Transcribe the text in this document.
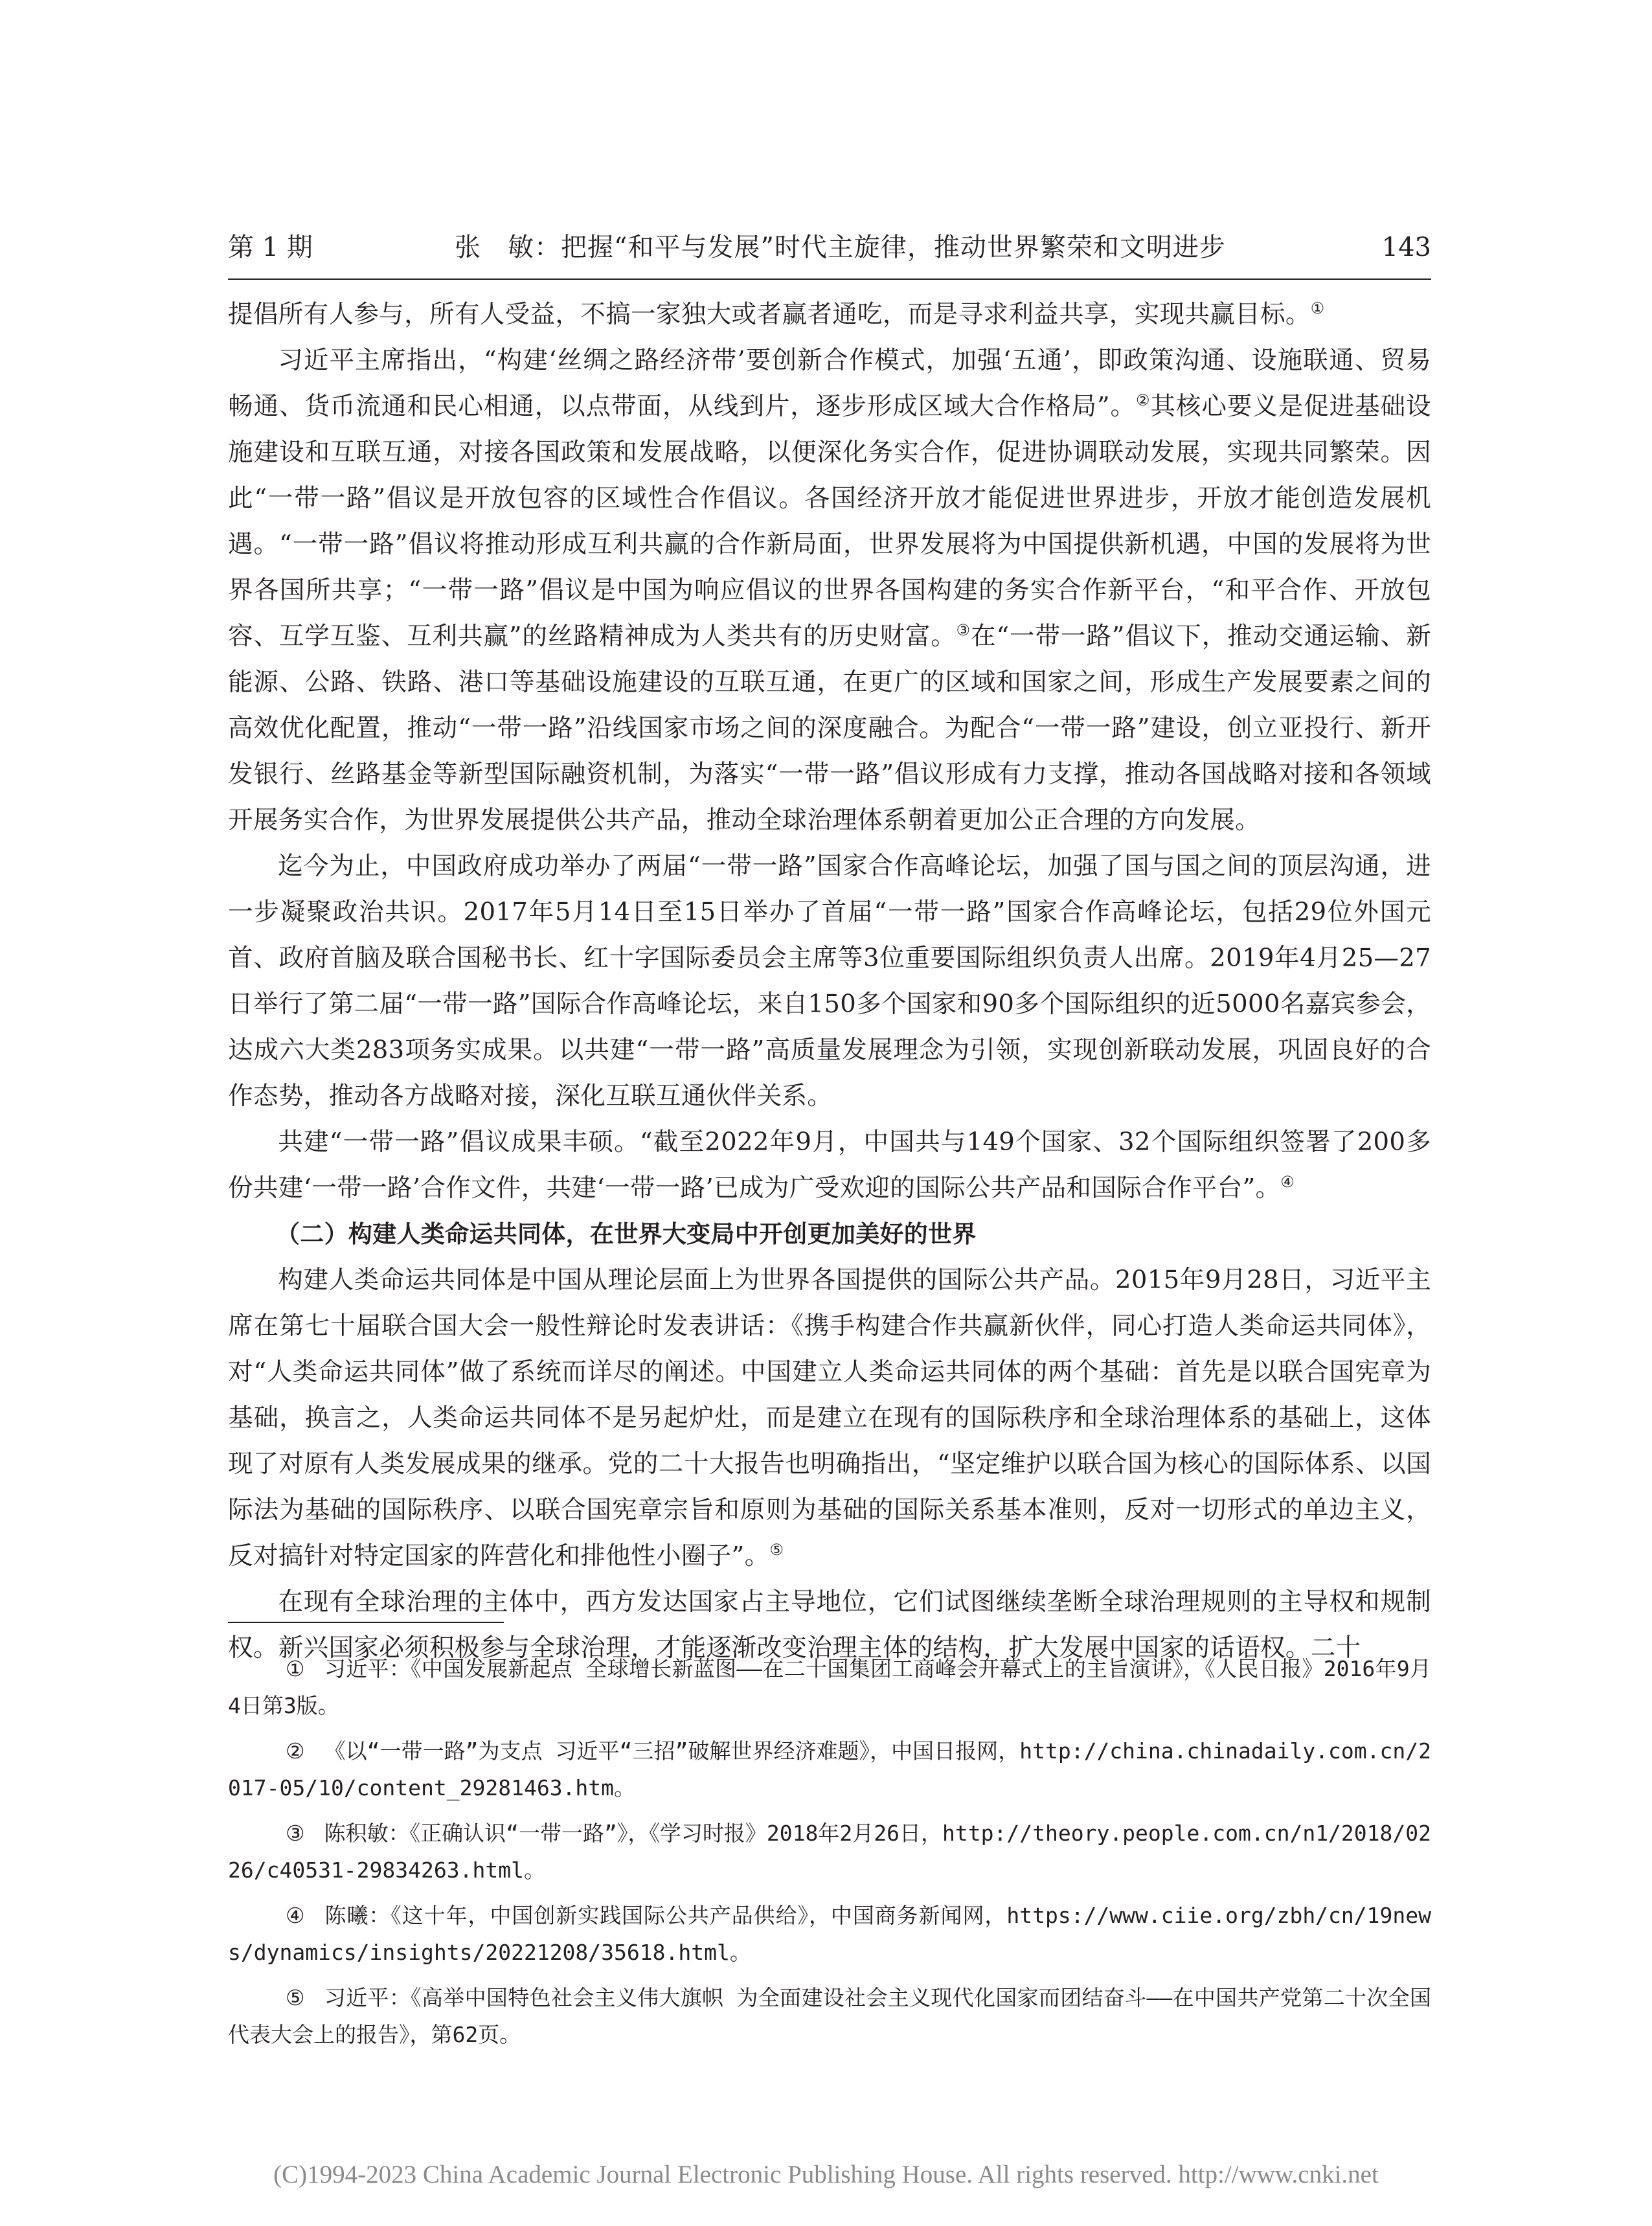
第 1 期	张　敏：把握“和平与发展”时代主旋律，推动世界繁荣和文明进步	143

提倡所有人参与，所有人受益，不搞一家独大或者赢者通吃，而是寻求利益共享，实现共赢目标。①

习近平主席指出，“构建‘丝绸之路经济带’要创新合作模式，加强‘五通’，即政策沟通、设施联通、贸易畅通、货币流通和民心相通，以点带面，从线到片，逐步形成区域大合作格局”。②其核心要义是促进基础设施建设和互联互通，对接各国政策和发展战略，以便深化务实合作，促进协调联动发展，实现共同繁荣。因此“一带一路”倡议是开放包容的区域性合作倡议。各国经济开放才能促进世界进步，开放才能创造发展机遇。“一带一路”倡议将推动形成互利共赢的合作新局面，世界发展将为中国提供新机遇，中国的发展将为世界各国所共享；“一带一路”倡议是中国为响应倡议的世界各国构建的务实合作新平台，“和平合作、开放包容、互学互鉴、互利共赢”的丝路精神成为人类共有的历史财富。③在“一带一路”倡议下，推动交通运输、新能源、公路、铁路、港口等基础设施建设的互联互通，在更广的区域和国家之间，形成生产发展要素之间的高效优化配置，推动“一带一路”沿线国家市场之间的深度融合。为配合“一带一路”建设，创立亚投行、新开发银行、丝路基金等新型国际融资机制，为落实“一带一路”倡议形成有力支撑，推动各国战略对接和各领域开展务实合作，为世界发展提供公共产品，推动全球治理体系朝着更加公正合理的方向发展。

迄今为止，中国政府成功举办了两届“一带一路”国家合作高峰论坛，加强了国与国之间的顶层沟通，进一步凝聚政治共识。2017年5月14日至15日举办了首届“一带一路”国家合作高峰论坛，包括29位外国元首、政府首脑及联合国秘书长、红十字国际委员会主席等3位重要国际组织负责人出席。2019年4月25—27日举行了第二届“一带一路”国际合作高峰论坛，来自150多个国家和90多个国际组织的近5000名嘉宾参会，达成六大类283项务实成果。以共建“一带一路”高质量发展理念为引领，实现创新联动发展，巩固良好的合作态势，推动各方战略对接，深化互联互通伙伴关系。

共建“一带一路”倡议成果丰硕。“截至2022年9月，中国共与149个国家、32个国际组织签署了200多份共建‘一带一路’合作文件，共建‘一带一路’已成为广受欢迎的国际公共产品和国际合作平台”。④

（二）构建人类命运共同体，在世界大变局中开创更加美好的世界

构建人类命运共同体是中国从理论层面上为世界各国提供的国际公共产品。2015年9月28日，习近平主席在第七十届联合国大会一般性辩论时发表讲话：《携手构建合作共赢新伙伴，同心打造人类命运共同体》，对“人类命运共同体”做了系统而详尽的阐述。中国建立人类命运共同体的两个基础：首先是以联合国宪章为基础，换言之，人类命运共同体不是另起炉灶，而是建立在现有的国际秩序和全球治理体系的基础上，这体现了对原有人类发展成果的继承。党的二十大报告也明确指出，“坚定维护以联合国为核心的国际体系、以国际法为基础的国际秩序、以联合国宪章宗旨和原则为基础的国际关系基本准则，反对一切形式的单边主义，反对搞针对特定国家的阵营化和排他性小圈子”。⑤

在现有全球治理的主体中，西方发达国家占主导地位，它们试图继续垄断全球治理规则的主导权和规制权。新兴国家必须积极参与全球治理，才能逐渐改变治理主体的结构，扩大发展中国家的话语权。二十

① 习近平：《中国发展新起点 全球增长新蓝图——在二十国集团工商峰会开幕式上的主旨演讲》，《人民日报》2016年9月4日第3版。

② 《以“一带一路”为支点 习近平“三招”破解世界经济难题》，中国日报网，http://china.chinadaily.com.cn/2017-05/10/content_29281463.htm。

③ 陈积敏：《正确认识“一带一路”》，《学习时报》2018年2月26日，http://theory.people.com.cn/n1/2018/0226/c40531-29834263.html。

④ 陈曦：《这十年，中国创新实践国际公共产品供给》，中国商务新闻网，https://www.ciie.org/zbh/cn/19news/dynamics/insights/20221208/35618.html。

⑤ 习近平：《高举中国特色社会主义伟大旗帜 为全面建设社会主义现代化国家而团结奋斗——在中国共产党第二十次全国代表大会上的报告》，第62页。

(C)1994-2023 China Academic Journal Electronic Publishing House. All rights reserved. http://www.cnki.net
